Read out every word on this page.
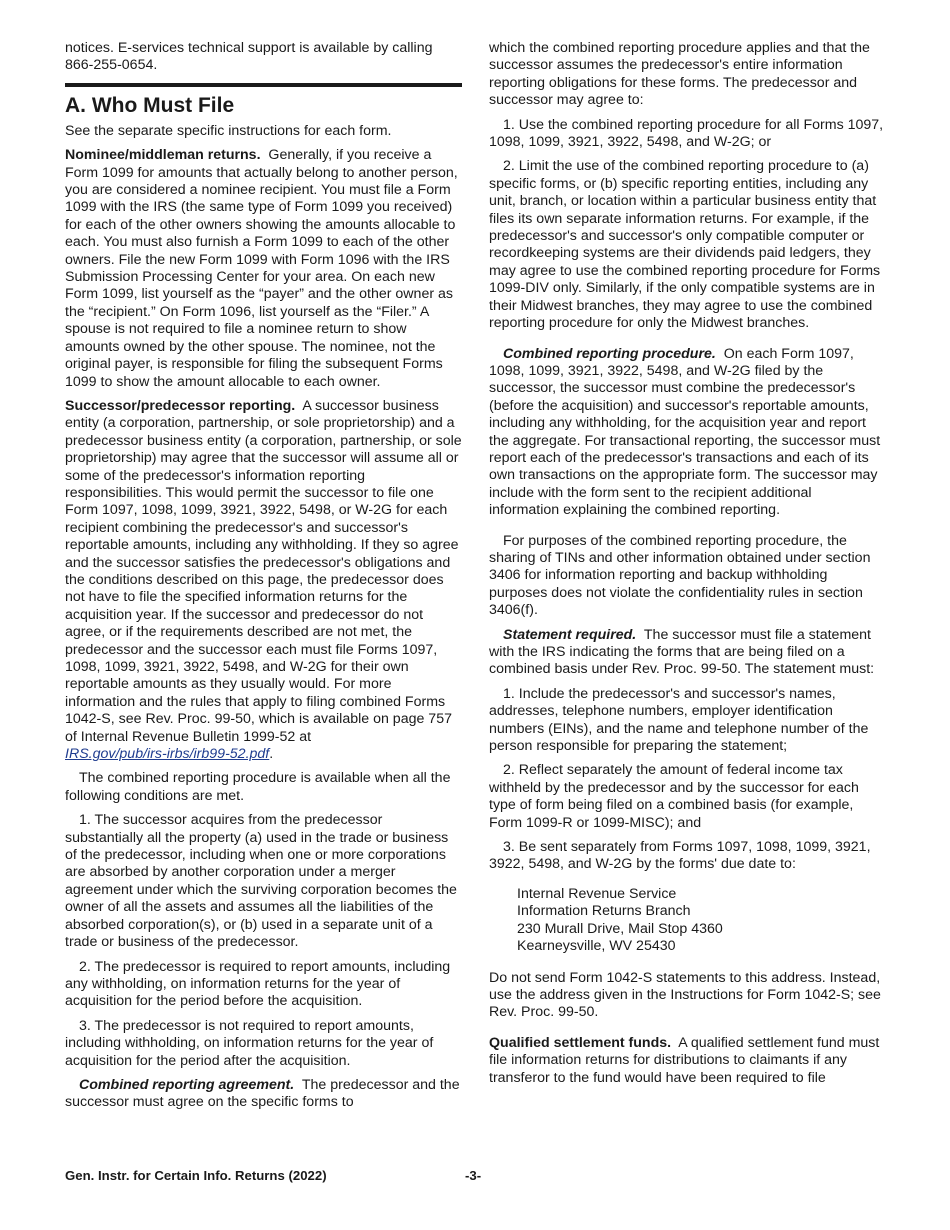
notices. E-services technical support is available by calling 866-255-0654.

A. Who Must File

See the separate specific instructions for each form.

Nominee/middleman returns. Generally, if you receive a Form 1099 for amounts that actually belong to another person, you are considered a nominee recipient. You must file a Form 1099 with the IRS (the same type of Form 1099 you received) for each of the other owners showing the amounts allocable to each. You must also furnish a Form 1099 to each of the other owners. File the new Form 1099 with Form 1096 with the IRS Submission Processing Center for your area. On each new Form 1099, list yourself as the “payer” and the other owner as the “recipient.” On Form 1096, list yourself as the “Filer.” A spouse is not required to file a nominee return to show amounts owned by the other spouse. The nominee, not the original payer, is responsible for filing the subsequent Forms 1099 to show the amount allocable to each owner.

Successor/predecessor reporting. A successor business entity (a corporation, partnership, or sole proprietorship) and a predecessor business entity (a corporation, partnership, or sole proprietorship) may agree that the successor will assume all or some of the predecessor's information reporting responsibilities. This would permit the successor to file one Form 1097, 1098, 1099, 3921, 3922, 5498, or W-2G for each recipient combining the predecessor's and successor's reportable amounts, including any withholding. If they so agree and the successor satisfies the predecessor's obligations and the conditions described on this page, the predecessor does not have to file the specified information returns for the acquisition year. If the successor and predecessor do not agree, or if the requirements described are not met, the predecessor and the successor each must file Forms 1097, 1098, 1099, 3921, 3922, 5498, and W-2G for their own reportable amounts as they usually would. For more information and the rules that apply to filing combined Forms 1042-S, see Rev. Proc. 99-50, which is available on page 757 of Internal Revenue Bulletin 1999-52 at
IRS.gov/pub/irs-irbs/irb99-52.pdf.

The combined reporting procedure is available when all the following conditions are met.

1. The successor acquires from the predecessor substantially all the property (a) used in the trade or business of the predecessor, including when one or more corporations are absorbed by another corporation under a merger agreement under which the surviving corporation becomes the owner of all the assets and assumes all the liabilities of the absorbed corporation(s), or (b) used in a separate unit of a trade or business of the predecessor.

2. The predecessor is required to report amounts, including any withholding, on information returns for the year of acquisition for the period before the acquisition.

3. The predecessor is not required to report amounts, including withholding, on information returns for the year of acquisition for the period after the acquisition.

Combined reporting agreement. The predecessor and the successor must agree on the specific forms to

which the combined reporting procedure applies and that the successor assumes the predecessor's entire information reporting obligations for these forms. The predecessor and successor may agree to:

1. Use the combined reporting procedure for all Forms 1097, 1098, 1099, 3921, 3922, 5498, and W-2G; or

2. Limit the use of the combined reporting procedure to (a) specific forms, or (b) specific reporting entities, including any unit, branch, or location within a particular business entity that files its own separate information returns. For example, if the predecessor's and successor's only compatible computer or recordkeeping systems are their dividends paid ledgers, they may agree to use the combined reporting procedure for Forms 1099-DIV only. Similarly, if the only compatible systems are in their Midwest branches, they may agree to use the combined reporting procedure for only the Midwest branches.

Combined reporting procedure. On each Form 1097, 1098, 1099, 3921, 3922, 5498, and W-2G filed by the successor, the successor must combine the predecessor's (before the acquisition) and successor's reportable amounts, including any withholding, for the acquisition year and report the aggregate. For transactional reporting, the successor must report each of the predecessor's transactions and each of its own transactions on the appropriate form. The successor may include with the form sent to the recipient additional information explaining the combined reporting.

For purposes of the combined reporting procedure, the sharing of TINs and other information obtained under section 3406 for information reporting and backup withholding purposes does not violate the confidentiality rules in section 3406(f).

Statement required. The successor must file a statement with the IRS indicating the forms that are being filed on a combined basis under Rev. Proc. 99-50. The statement must:

1. Include the predecessor's and successor's names, addresses, telephone numbers, employer identification numbers (EINs), and the name and telephone number of the person responsible for preparing the statement;

2. Reflect separately the amount of federal income tax withheld by the predecessor and by the successor for each type of form being filed on a combined basis (for example, Form 1099-R or 1099-MISC); and

3. Be sent separately from Forms 1097, 1098, 1099, 3921, 3922, 5498, and W-2G by the forms' due date to:

Internal Revenue Service
Information Returns Branch
230 Murall Drive, Mail Stop 4360
Kearneysville, WV 25430

Do not send Form 1042-S statements to this address. Instead, use the address given in the Instructions for Form 1042-S; see Rev. Proc. 99-50.

Qualified settlement funds. A qualified settlement fund must file information returns for distributions to claimants if any transferor to the fund would have been required to file

Gen. Instr. for Certain Info. Returns (2022)	-3-
